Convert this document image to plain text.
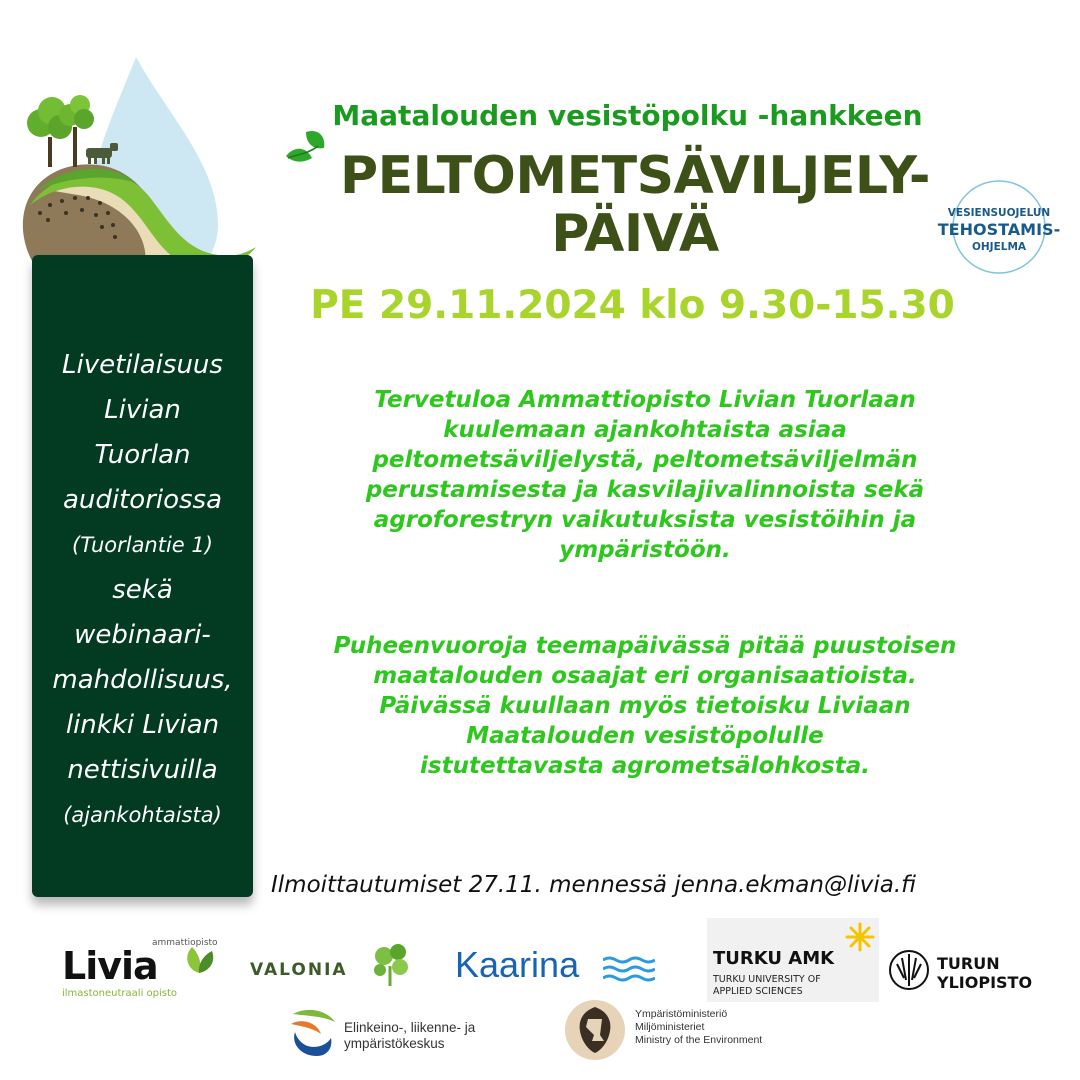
Livetilaisuus
Livian
Tuorlan
auditoriossa
(Tuorlantie 1)
sekä
webinaari-
mahdollisuus,
linkki Livian
nettisivuilla
(ajankohtaista)
Maatalouden vesistöpolku -hankkeen
PELTOMETSÄVILJELY-
PÄIVÄ
PE 29.11.2024 klo 9.30-15.30
VESIENSUOJELUN
TEHOSTAMIS-
OHJELMA
Tervetuloa Ammattiopisto Livian Tuorlaan
kuulemaan ajankohtaista asiaa
peltometsäviljelystä, peltometsäviljelmän
perustamisesta ja kasvilajivalinnoista sekä
agroforestryn vaikutuksista vesistöihin ja
ympäristöön.
Puheenvuoroja teemapäivässä pitää puustoisen
maatalouden osaajat eri organisaatioista.
Päivässä kuullaan myös tietoisku Liviaan
Maatalouden vesistöpolulle
istutettavasta agrometsälohkosta.
Ilmoittautumiset 27.11. mennessä jenna.ekman@livia.fi
ammattiopisto
Livia
ilmastoneutraali opisto
VALONIA	Kaarina	TURKU AMK
TURKU UNIVERSITY OF
APPLIED SCIENCES
TURUN
YLIOPISTO
Elinkeino-, liikenne- ja
ympäristökeskus
Ympäristöministeriö
Miljöministeriet
Ministry of the Environment
